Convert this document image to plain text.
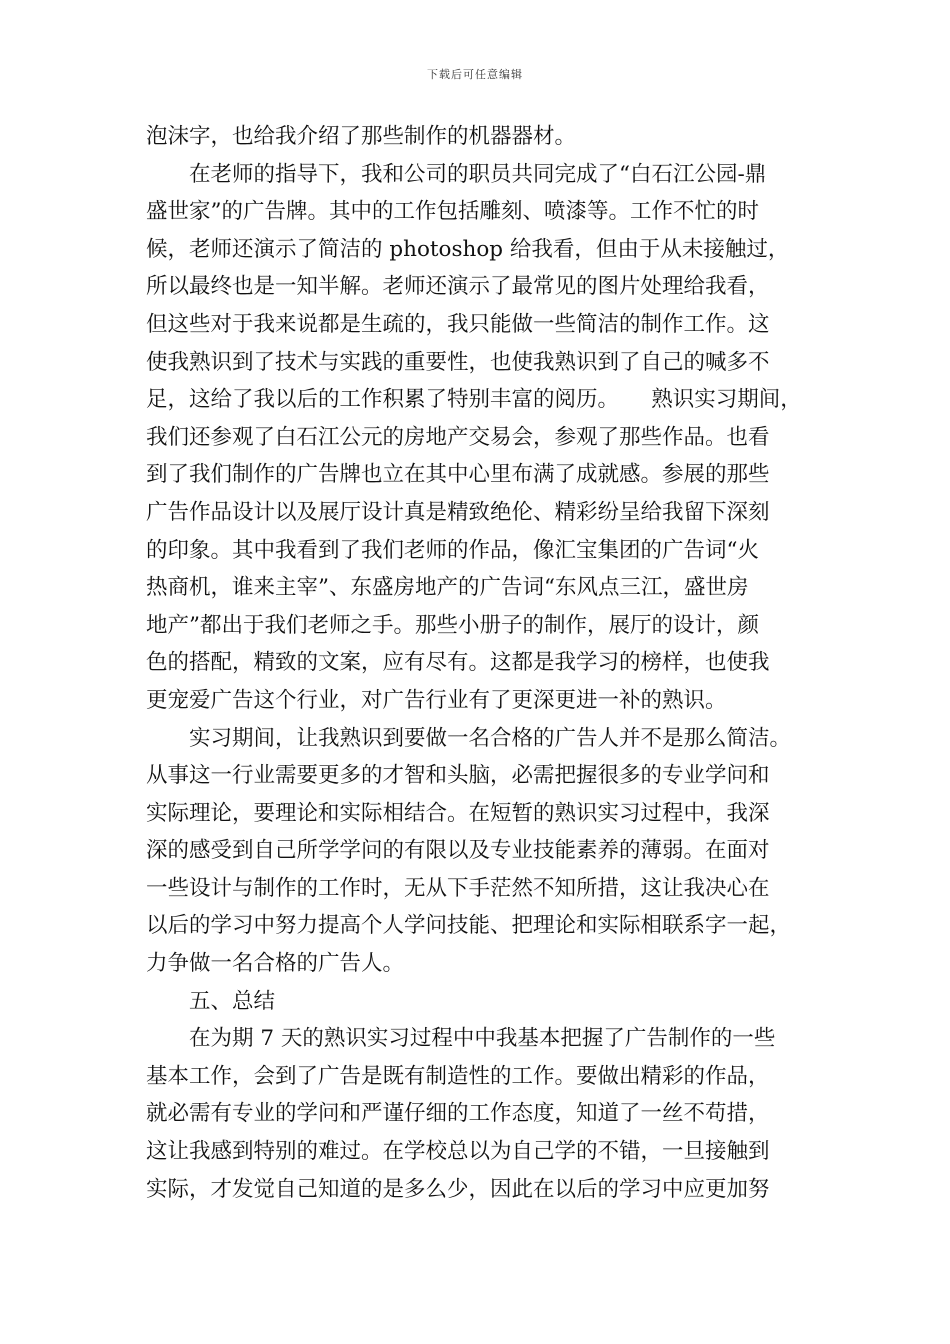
下载后可任意编辑
泡沫字，也给我介绍了那些制作的机器器材。
在老师的指导下，我和公司的职员共同完成了“白石江公园-鼎
盛世家”的广告牌。其中的工作包括雕刻、喷漆等。工作不忙的时
候，老师还演示了简洁的 photoshop 给我看，但由于从未接触过，
所以最终也是一知半解。老师还演示了最常见的图片处理给我看，
但这些对于我来说都是生疏的，我只能做一些简洁的制作工作。这
使我熟识到了技术与实践的重要性，也使我熟识到了自己的喊多不
足，这给了我以后的工作积累了特别丰富的阅历。　　熟识实习期间，
我们还参观了白石江公元的房地产交易会，参观了那些作品。也看
到了我们制作的广告牌也立在其中心里布满了成就感。参展的那些
广告作品设计以及展厅设计真是精致绝伦、精彩纷呈给我留下深刻
的印象。其中我看到了我们老师的作品，像汇宝集团的广告词“火
热商机，谁来主宰”、东盛房地产的广告词“东风点三江，盛世房
地产”都出于我们老师之手。那些小册子的制作，展厅的设计，颜
色的搭配，精致的文案，应有尽有。这都是我学习的榜样，也使我
更宠爱广告这个行业，对广告行业有了更深更进一补的熟识。
实习期间，让我熟识到要做一名合格的广告人并不是那么简洁。
从事这一行业需要更多的才智和头脑，必需把握很多的专业学问和
实际理论，要理论和实际相结合。在短暂的熟识实习过程中，我深
深的感受到自己所学学问的有限以及专业技能素养的薄弱。在面对
一些设计与制作的工作时，无从下手茫然不知所措，这让我决心在
以后的学习中努力提高个人学问技能、把理论和实际相联系字一起，
力争做一名合格的广告人。
五、总结
在为期 7 天的熟识实习过程中中我基本把握了广告制作的一些
基本工作，会到了广告是既有制造性的工作。要做出精彩的作品，
就必需有专业的学问和严谨仔细的工作态度，知道了一丝不苟措，
这让我感到特别的难过。在学校总以为自己学的不错，一旦接触到
实际，才发觉自己知道的是多么少，因此在以后的学习中应更加努
